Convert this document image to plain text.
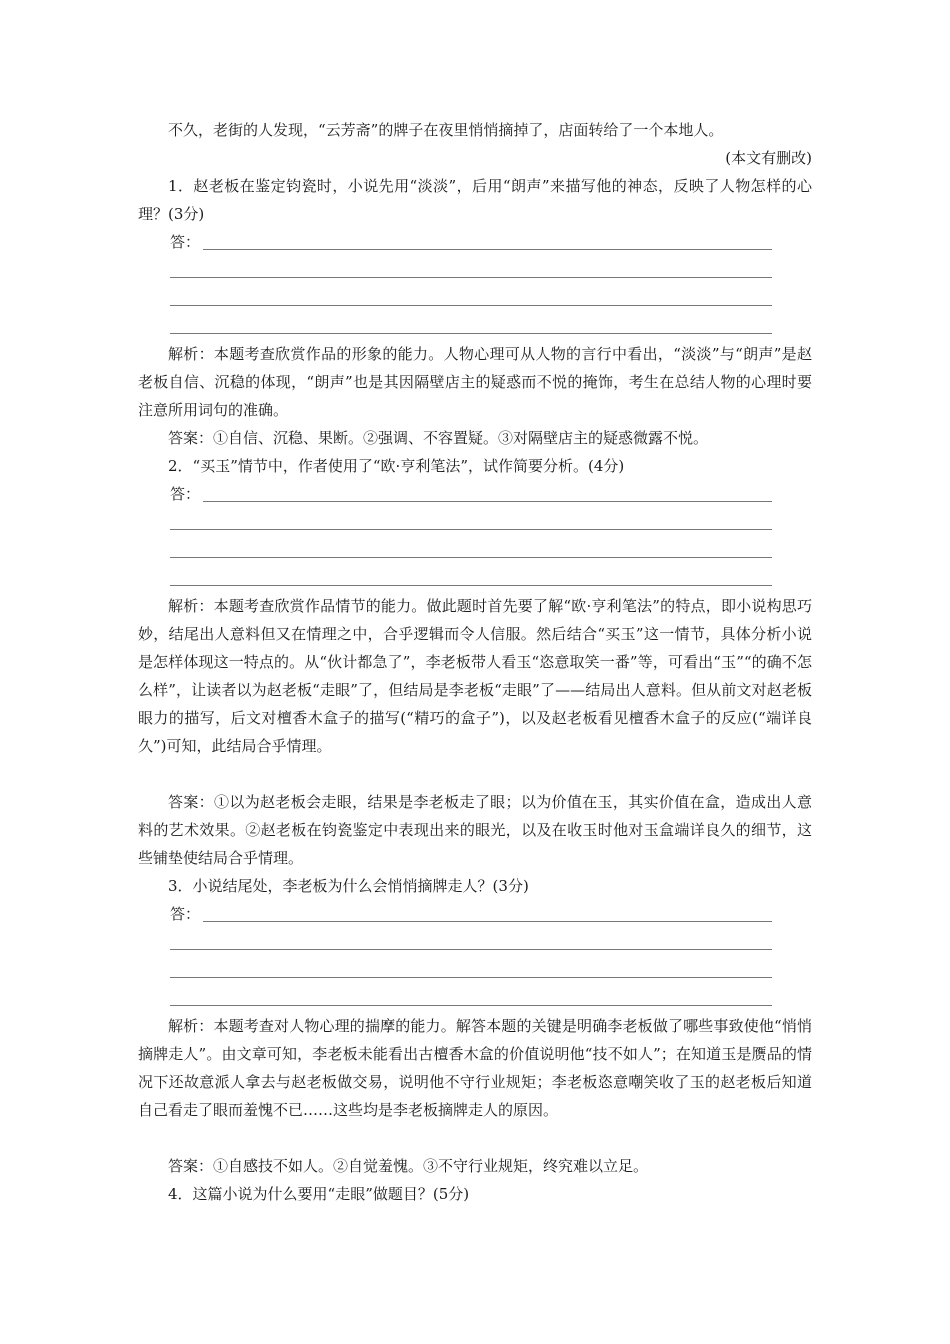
不久，老街的人发现，“云芳斋”的牌子在夜里悄悄摘掉了，店面转给了一个本地人。

(本文有删改)

1．赵老板在鉴定钧瓷时，小说先用“淡淡”，后用“朗声”来描写他的神态，反映了人物怎样的心理？(3分)

答：

解析：本题考查欣赏作品的形象的能力。人物心理可从人物的言行中看出，“淡淡”与“朗声”是赵老板自信、沉稳的体现，“朗声”也是其因隔壁店主的疑惑而不悦的掩饰，考生在总结人物的心理时要注意所用词句的准确。

答案：①自信、沉稳、果断。②强调、不容置疑。③对隔壁店主的疑惑微露不悦。

2．“买玉”情节中，作者使用了“欧·亨利笔法”，试作简要分析。(4分)

答：

解析：本题考查欣赏作品情节的能力。做此题时首先要了解“欧·亨利笔法”的特点，即小说构思巧妙，结尾出人意料但又在情理之中，合乎逻辑而令人信服。然后结合“买玉”这一情节，具体分析小说是怎样体现这一特点的。从“伙计都急了”，李老板带人看玉“恣意取笑一番”等，可看出“玉”“的确不怎么样”，让读者以为赵老板“走眼”了，但结局是李老板“走眼”了——结局出人意料。但从前文对赵老板眼力的描写，后文对檀香木盒子的描写(“精巧的盒子”)，以及赵老板看见檀香木盒子的反应(“端详良久”)可知，此结局合乎情理。

答案：①以为赵老板会走眼，结果是李老板走了眼；以为价值在玉，其实价值在盒，造成出人意料的艺术效果。②赵老板在钧瓷鉴定中表现出来的眼光，以及在收玉时他对玉盒端详良久的细节，这些铺垫使结局合乎情理。

3．小说结尾处，李老板为什么会悄悄摘牌走人？(3分)

答：

解析：本题考查对人物心理的揣摩的能力。解答本题的关键是明确李老板做了哪些事致使他“悄悄摘牌走人”。由文章可知，李老板未能看出古檀香木盒的价值说明他“技不如人”；在知道玉是赝品的情况下还故意派人拿去与赵老板做交易，说明他不守行业规矩；李老板恣意嘲笑收了玉的赵老板后知道自己看走了眼而羞愧不已……这些均是李老板摘牌走人的原因。

答案：①自感技不如人。②自觉羞愧。③不守行业规矩，终究难以立足。

4．这篇小说为什么要用“走眼”做题目？(5分)
